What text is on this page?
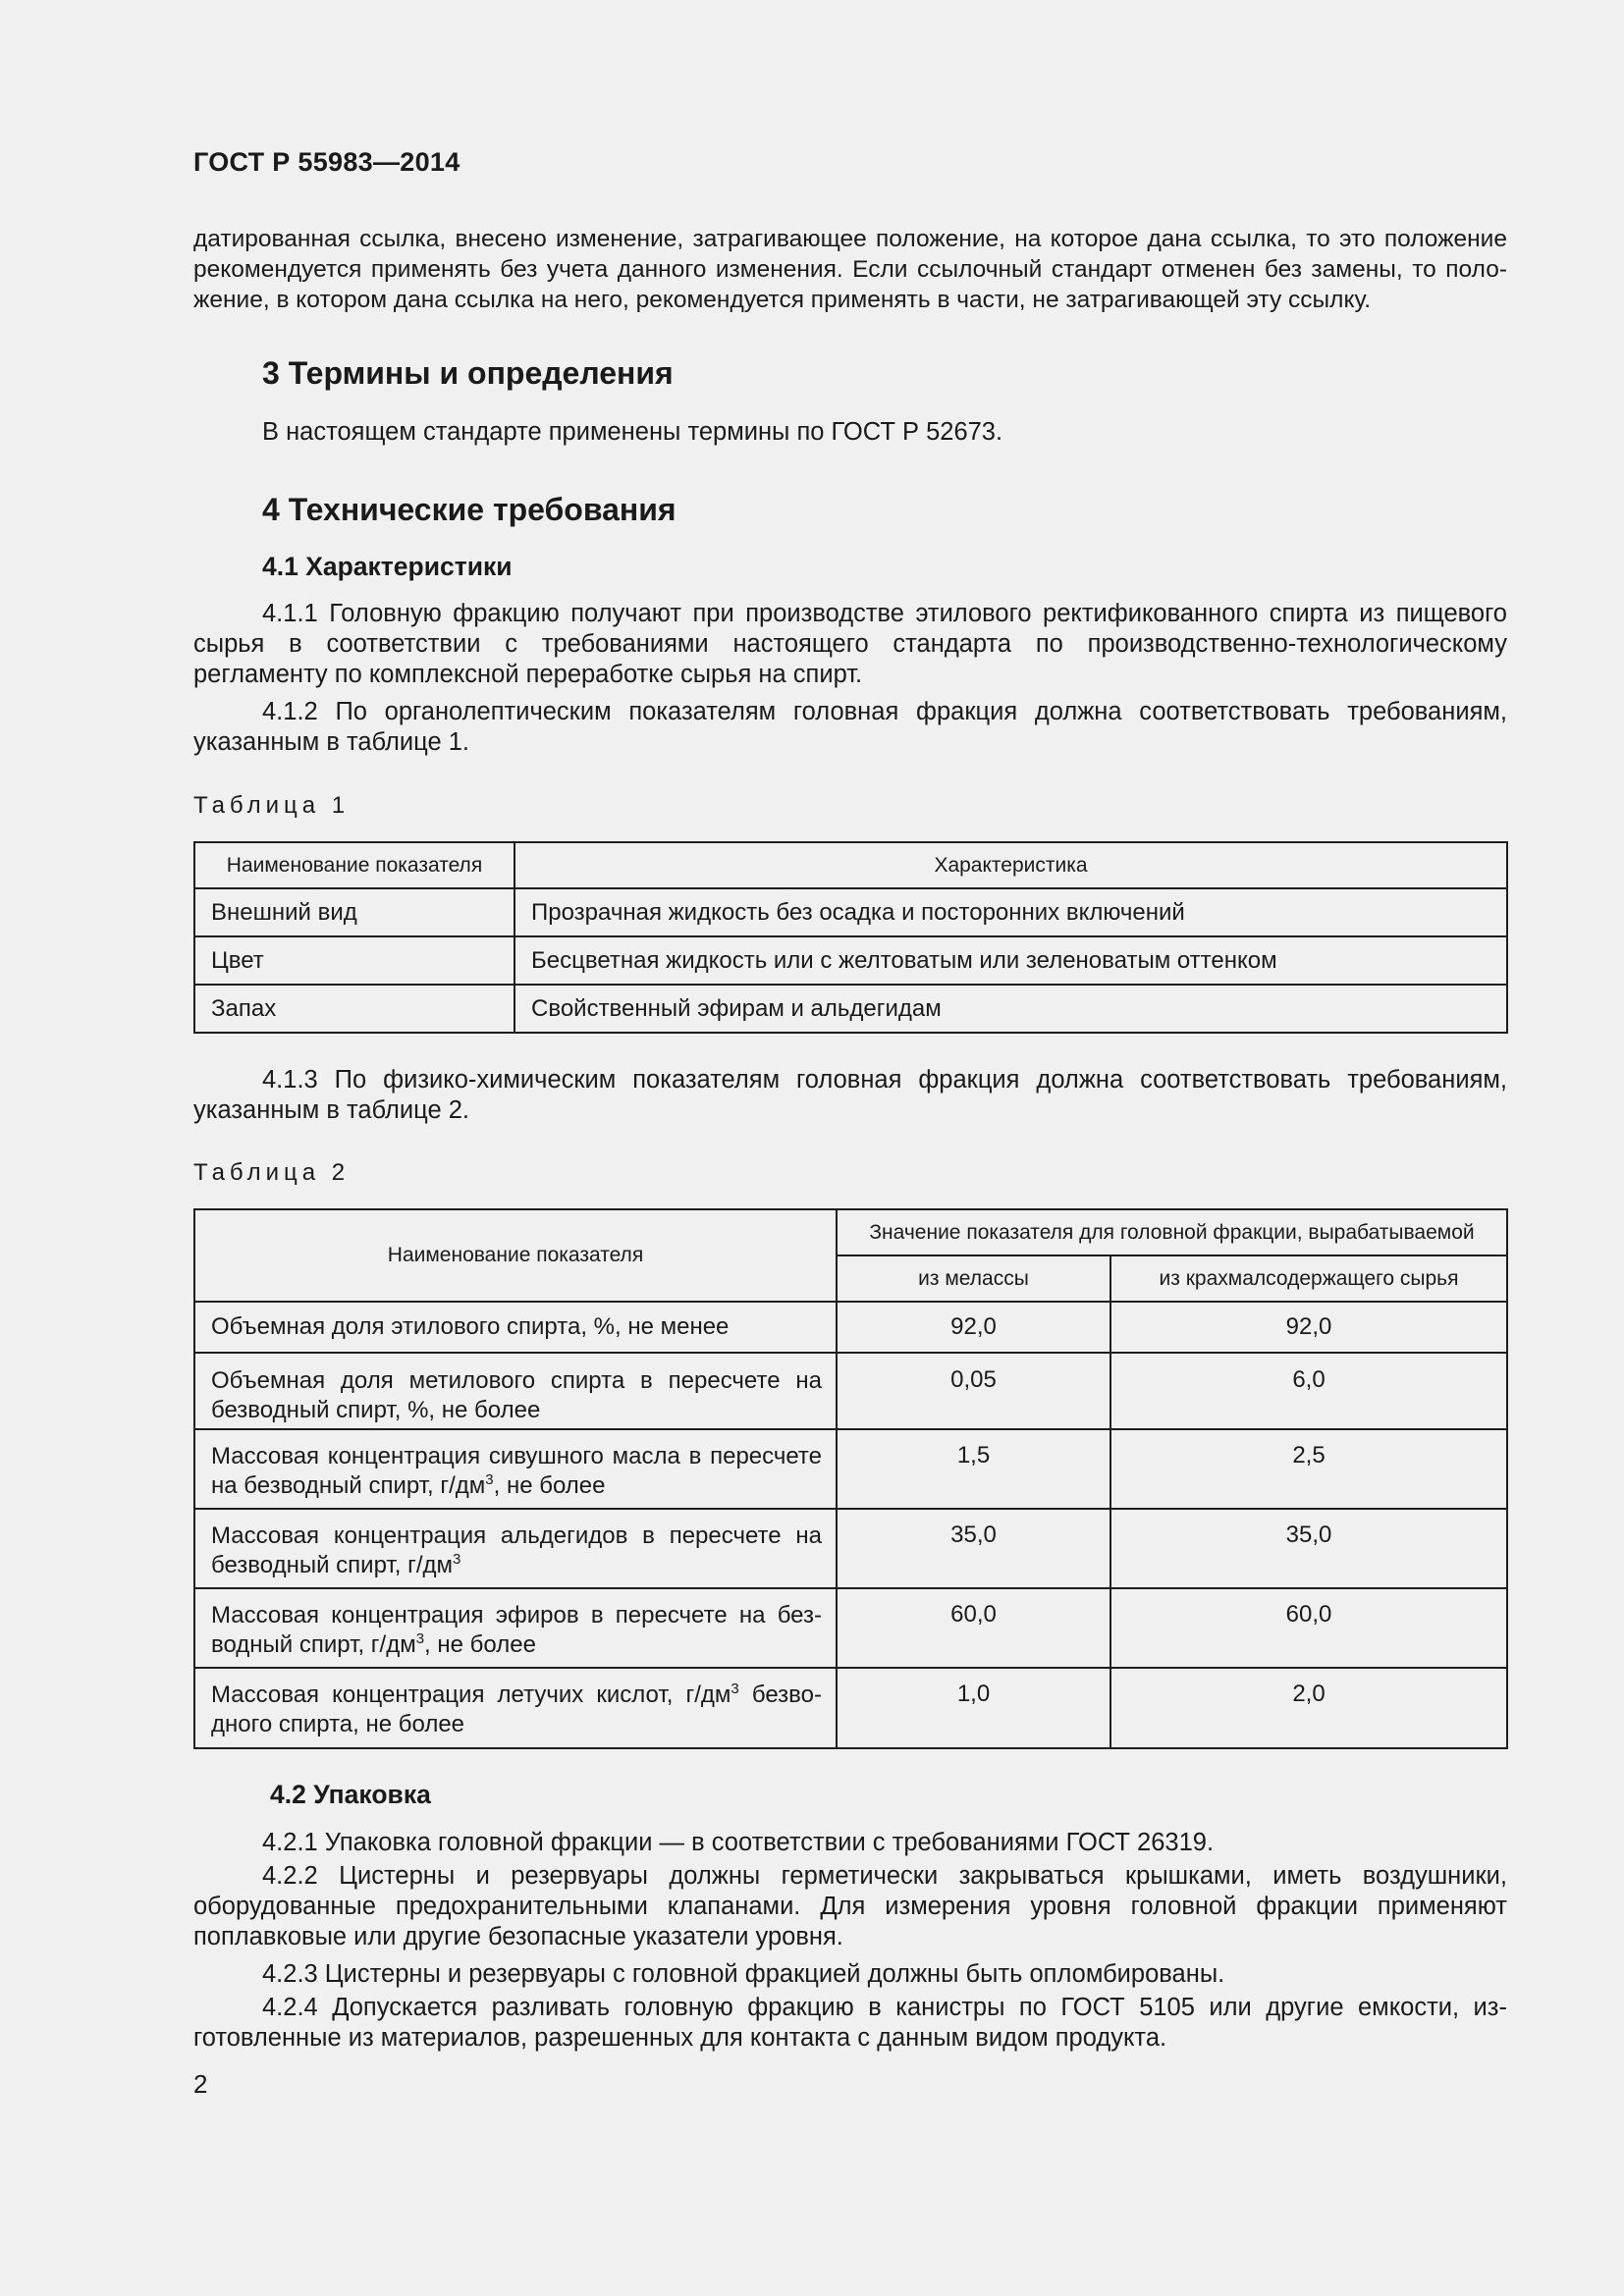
ГОСТ Р 55983—2014
датированная ссылка, внесено изменение, затрагивающее положение, на которое дана ссылка, то это положение рекомендуется применять без учета данного изменения. Если ссылочный стандарт отменен без замены, то положение, в котором дана ссылка на него, рекомендуется применять в части, не затрагивающей эту ссылку.
3 Термины и определения
В настоящем стандарте применены термины по ГОСТ Р 52673.
4 Технические требования
4.1 Характеристики
4.1.1 Головную фракцию получают при производстве этилового ректификованного спирта из пищевого сырья в соответствии с требованиями настоящего стандарта по производственно-технологическому регламенту по комплексной переработке сырья на спирт.
4.1.2 По органолептическим показателям головная фракция должна соответствовать требованиям, указанным в таблице 1.
Таблица 1
Наименование показателя	Характеристика
Внешний вид	Прозрачная жидкость без осадка и посторонних включений
Цвет	Бесцветная жидкость или с желтоватым или зеленоватым оттенком
Запах	Свойственный эфирам и альдегидам
4.1.3 По физико-химическим показателям головная фракция должна соответствовать требованиям, указанным в таблице 2.
Таблица 2
Наименование показателя	Значение показателя для головной фракции, вырабатываемой	
	из мелассы	из крахмалсодержащего сырья
Объемная доля этилового спирта, %, не менее	92,0	92,0
Объемная доля метилового спирта в пересчете на безводный спирт, %, не более	0,05	6,0
Массовая концентрация сивушного масла в пересчете на безводный спирт, $г/дм^3$, не более	1,5	2,5
Массовая концентрация альдегидов в пересчете на безводный спирт, $г/дм^3$	35,0	35,0
Массовая концентрация эфиров в пересчете на безводный спирт, $г/дм^3$, не более	60,0	60,0
Массовая концентрация летучих кислот, $г/дм^3$ безводного спирта, не более	1,0	2,0
4.2 Упаковка
4.2.1 Упаковка головной фракции — в соответствии с требованиями ГОСТ 26319.
4.2.2 Цистерны и резервуары должны герметически закрываться крышками, иметь воздушники, оборудованные предохранительными клапанами. Для измерения уровня головной фракции применяют поплавковые или другие безопасные указатели уровня.
4.2.3 Цистерны и резервуары с головной фракцией должны быть опломбированы.
4.2.4 Допускается разливать головную фракцию в канистры по ГОСТ 5105 или другие емкости, изготовленные из материалов, разрешенных для контакта с данным видом продукта.
2
